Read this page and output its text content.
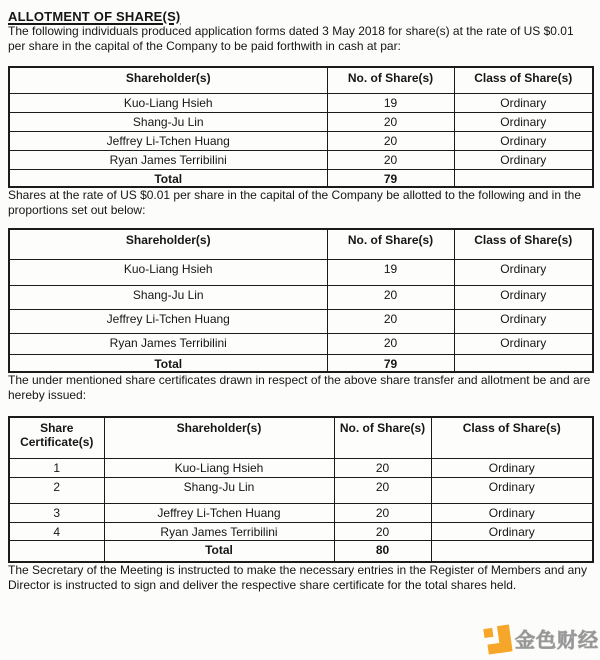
ALLOTMENT OF SHARE(S)

The following individuals produced application forms dated 3 May 2018 for share(s) at the rate of US $0.01 per share in the capital of the Company to be paid forthwith in cash at par:

Shareholder(s)	No. of Share(s)	Class of Share(s)
Kuo-Liang Hsieh	19	Ordinary
Shang-Ju Lin	20	Ordinary
Jeffrey Li-Tchen Huang	20	Ordinary
Ryan James Terribilini	20	Ordinary
Total	79	

Shares at the rate of US $0.01 per share in the capital of the Company be allotted to the following and in the proportions set out below:

Shareholder(s)	No. of Share(s)	Class of Share(s)
Kuo-Liang Hsieh	19	Ordinary
Shang-Ju Lin	20	Ordinary
Jeffrey Li-Tchen Huang	20	Ordinary
Ryan James Terribilini	20	Ordinary
Total	79	

The under mentioned share certificates drawn in respect of the above share transfer and allotment be and are hereby issued:

Share Certificate(s)	Shareholder(s)	No. of Share(s)	Class of Share(s)
1	Kuo-Liang Hsieh	20	Ordinary
2	Shang-Ju Lin	20	Ordinary
3	Jeffrey Li-Tchen Huang	20	Ordinary
4	Ryan James Terribilini	20	Ordinary
	Total	80	

The Secretary of the Meeting is instructed to make the necessary entries in the Register of Members and any Director is instructed to sign and deliver the respective share certificate for the total shares held.

金色财经
